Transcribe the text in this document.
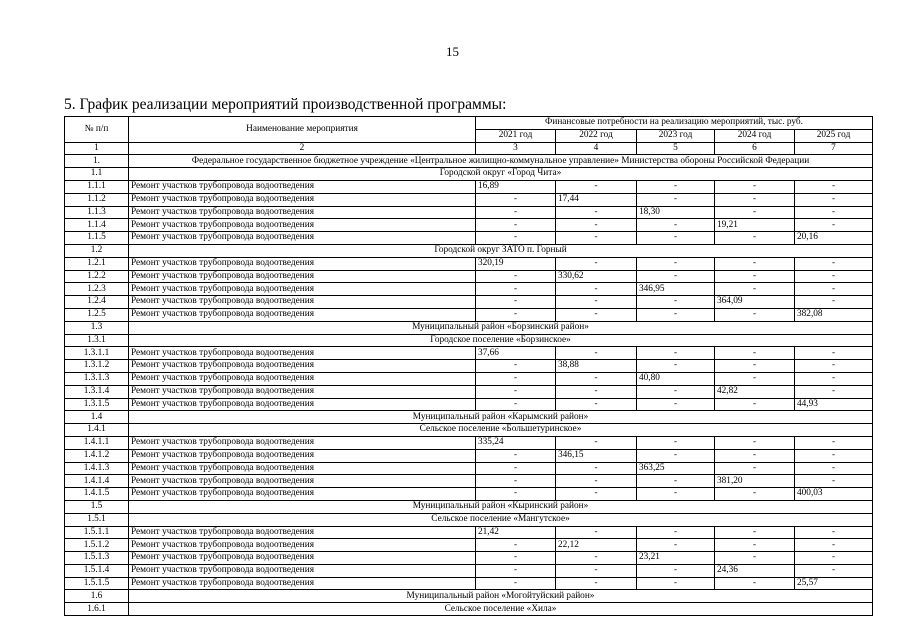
15
5. График реализации мероприятий производственной программы:
№ п/п	Наименование мероприятия	Финансовые потребности на реализацию мероприятий, тыс. руб.				
		2021 год	2022 год	2023 год	2024 год	2025 год
1	2	3	4	5	6	7
1.	Федеральное государственное бюджетное учреждение «Центральное жилищно-коммунальное управление» Министерства обороны Российской Федерации					
1.1	Городской округ «Город Чита»					
1.1.1	Ремонт участков трубопровода водоотведения	16,89	-	-	-	-
1.1.2	Ремонт участков трубопровода водоотведения	-	17,44	-	-	-
1.1.3	Ремонт участков трубопровода водоотведения	-	-	18,30	-	-
1.1.4	Ремонт участков трубопровода водоотведения	-	-	-	19,21	-
1.1.5	Ремонт участков трубопровода водоотведения	-	-	-	-	20,16
1.2	Городской округ ЗАТО п. Горный					
1.2.1	Ремонт участков трубопровода водоотведения	320,19	-	-	-	-
1.2.2	Ремонт участков трубопровода водоотведения	-	330,62	-	-	-
1.2.3	Ремонт участков трубопровода водоотведения	-	-	346,95	-	-
1.2.4	Ремонт участков трубопровода водоотведения	-	-	-	364,09	-
1.2.5	Ремонт участков трубопровода водоотведения	-	-	-	-	382,08
1.3	Муниципальный район «Борзинский район»					
1.3.1	Городское поселение «Борзинское»					
1.3.1.1	Ремонт участков трубопровода водоотведения	37,66	-	-	-	-
1.3.1.2	Ремонт участков трубопровода водоотведения	-	38,88	-	-	-
1.3.1.3	Ремонт участков трубопровода водоотведения	-	-	40,80	-	-
1.3.1.4	Ремонт участков трубопровода водоотведения	-	-	-	42,82	-
1.3.1.5	Ремонт участков трубопровода водоотведения	-	-	-	-	44,93
1.4	Муниципальный район «Карымский район»					
1.4.1	Сельское поселение «Большетуринское»					
1.4.1.1	Ремонт участков трубопровода водоотведения	335,24	-	-	-	-
1.4.1.2	Ремонт участков трубопровода водоотведения	-	346,15	-	-	-
1.4.1.3	Ремонт участков трубопровода водоотведения	-	-	363,25	-	-
1.4.1.4	Ремонт участков трубопровода водоотведения	-	-	-	381,20	-
1.4.1.5	Ремонт участков трубопровода водоотведения	-	-	-	-	400,03
1.5	Муниципальный район «Кыринский район»					
1.5.1	Сельское поселение «Мангутское»					
1.5.1.1	Ремонт участков трубопровода водоотведения	21,42	-	-	-	-
1.5.1.2	Ремонт участков трубопровода водоотведения	-	22,12	-	-	-
1.5.1.3	Ремонт участков трубопровода водоотведения	-	-	23,21	-	-
1.5.1.4	Ремонт участков трубопровода водоотведения	-	-	-	24,36	-
1.5.1.5	Ремонт участков трубопровода водоотведения	-	-	-	-	25,57
1.6	Муниципальный район «Могойтуйский район»					
1.6.1	Сельское поселение «Хила»					
